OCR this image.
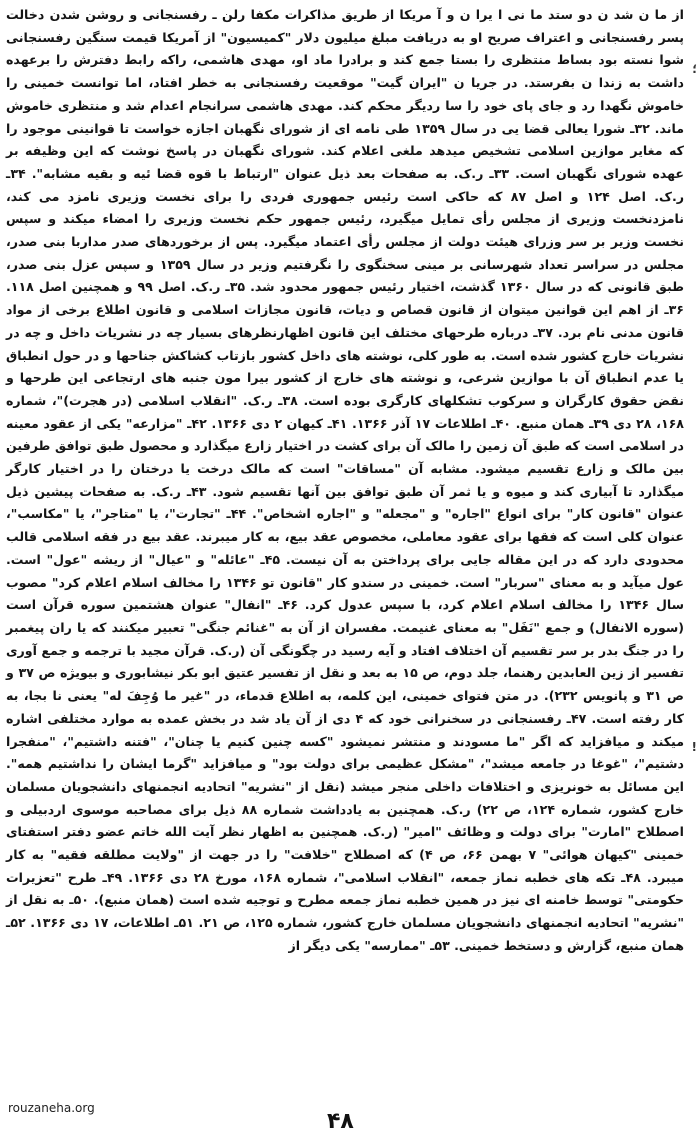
از ما ن شد ن دو ستد ما نی ا یرا ن و آ مریکا از طریق مذاکرات مکفا رلن ـ رفسنجانی و روشن شدن دخالت پسر رفسنجانی و اعتراف صریح او به دریافت مبلغ میلیون دلار "کمیسیون" از آمریکا قیمت سنگین رفسنجانی شوا نسته بود بساط منتظری را بستا جمع کند و برادرا ماد او، مهدی هاشمی، راکه رابط دفترش را برعهده داشت به زندا ن بفرستد. در جریا ن "ایران گیت" موقعیت رفسنجانی به خطر افتاد، اما توانست خمینی را خاموش نگهدا رد و جای پای خود را سا ردیگر محکم کند. مهدی هاشمی سرانجام اعدام شد و منتظری خاموش ماند. ۳۲ـ شورا یعالی قضا یی در سال ۱۳۵۹ طی نامه ای از شورای نگهبان اجازه خواست تا قوانینی موجود را که مغایر موازین اسلامی تشخیص میدهد ملغی اعلام کند. شورای نگهبان در پاسخ نوشت که این وظیفه بر عهده شورای نگهبان است. ۳۳ـ ر.ک. به صفحات بعد ذیل عنوان "ارتباط با قوه قضا ئیه و بقیه مشابه". ۳۴ـ ر.ک. اصل ۱۲۴ و اصل ۸۷ که حاکی است رئیس جمهوری فردی را برای نخست وزیری نامزد می کند، نامزدنخست وزیری از مجلس رأی تمایل میگیرد، رئیس جمهور حکم نخست وزیری را امضاء میکند و سپس نخست وزیر بر سر وزرای هیئت دولت از مجلس رأی اعتماد میگیرد. پس از برخوردهای صدر مداربا بنی صدر، مجلس در سراسر تعداد شهرسانی بر مینی سخنگوی را نگرفتیم وزیر در سال ۱۳۵۹ و سپس عزل بنی صدر، طبق قانونی که در سال ۱۳۶۰ گذشت، اختیار رئیس جمهور محدود شد. ۳۵ـ ر.ک. اصل ۹۹ و همچنین اصل ۱۱۸. ۳۶ـ از اهم این قوانین میتوان از قانون قصاص و دیات، قانون مجازات اسلامی و قانون اطلاع برخی از مواد قانون مدنی نام برد. ۳۷ـ درباره طرحهای مختلف این قانون اظهارنظرهای بسیار چه در نشریات داخل و چه در نشریات خارج کشور شده است. به طور کلی، نوشته های داخل کشور بازتاب کشاکش جناحها و در حول انطباق یا عدم انطباق آن با موازین شرعی، و نوشته های خارج از کشور بیرا مون جنبه های ارتجاعی این طرحها و نقض حقوق کارگران و سرکوب تشکلهای کارگری بوده است. ۳۸ـ ر.ک. "انقلاب اسلامی (در هجرت)"، شماره ۱۶۸، ۲۸ دی ۳۹ـ همان منبع. ۴۰ـ اطلاعات ۱۷ آذر ۱۳۶۶. ۴۱ـ کیهان ۲ دی ۱۳۶۶. ۴۲ـ "مزارعه" یکی از عقود معینه در اسلامی است که طبق آن زمین را مالک آن برای کشت در اختیار زارع میگذارد و محصول طبق توافق طرفین بین مالک و زارع تقسیم میشود. مشابه آن "مساقات" است که مالک درخت یا درختان را در اختیار کارگر میگذارد تا آبیاری کند و میوه و یا ثمر آن طبق توافق بین آنها تقسیم شود. ۴۳ـ ر.ک. به صفحات پیشین ذیل عنوان "قانون کار" برای انواع "اجاره" و "مجعله" و "اجاره اشخاص". ۴۴ـ "تجارت"، یا "متاجر"، یا "مکاسب"، عنوان کلی است که فقها برای عقود معاملی، مخصوص عقد بیع، به کار میبرند. عقد بیع در فقه اسلامی قالب محدودی دارد که در این مقاله جایی برای پرداختن به آن نیست. ۴۵ـ "عائله" و "عیال" از ریشه "عول" است. عول میآید و به معنای "سربار" است. خمینی در سندو کار "قانون تو ۱۳۴۶ را مخالف اسلام اعلام کرد" مصوب سال ۱۳۴۶ را مخالف اسلام اعلام کرد، با سپس عدول کرد. ۴۶ـ "انفال" عنوان هشتمین سوره قرآن است (سوره الانفال) و جمع "نَفَل" به معنای غنیمت. مفسران از آن به "غنائم جنگی" تعبیر میکنند که یا ران پیغمبر را در جنگ بدر بر سر تقسیم آن اختلاف افتاد و آیه رسید در چگونگی آن (ر.ک. قرآن مجید با ترجمه و جمع آوری تفسیر از زین العابدین رهنما، جلد دوم، ص ۱۵ به بعد و نقل از تفسیر عتیق ابو بکر نیشابوری و بیویژه ص ۳۷ و ص ۳۱ و پانویس ۲۳۲). در متن فتوای خمینی، این کلمه، به اطلاع قدماء، در "غیر ما وُجِفَ له" یعنی نا بجا، به کار رفته است. ۴۷ـ رفسنجانی در سخنرانی خود که ۴ دی از آن یاد شد در بخش عمده به موارد مختلفی اشاره میکند و میافزاید که اگر "ما مسودند و منتشر نمیشود "کسه چنین کنیم یا چنان"، "فتنه داشتیم"، "منفجرا دشتیم"، "غوغا در جامعه میشد"، "مشکل عظیمی برای دولت بود" و میافزاید "گرما ایشان را نداشتیم همه". این مسائل به خونریزی و اختلافات داخلی منجر میشد (نقل از "نشریه" اتحادیه انجمنهای دانشجویان مسلمان خارج کشور، شماره ۱۲۴، ص ۲۲) ر.ک. همچنین به یادداشت شماره ۸۸ ذیل برای مصاحبه موسوی اردبیلی و اصطلاح "امارت" برای دولت و وظائف "امیر" (ر.ک. همچنین به اظهار نظر آیت الله خاتم عضو دفتر استفتای خمینی "کیهان هوائی" ۷ بهمن ۶۶، ص ۴) که اصطلاح "خلافت" را در جهت از "ولایت مطلقه فقیه" به کار میبرد. ۴۸ـ تکه های خطبه نماز جمعه، "انقلاب اسلامی"، شماره ۱۶۸، مورخ ۲۸ دی ۱۳۶۶. ۴۹ـ طرح "تعزیرات حکومتی" توسط خامنه ای نیز در همین خطبه نماز جمعه مطرح و توجیه شده است (همان منبع). ۵۰ـ به نقل از "نشریه" اتحادیه انجمنهای دانشجویان مسلمان خارج کشور، شماره ۱۲۵، ص ۲۱. ۵۱ـ اطلاعات، ۱۷ دی ۱۳۶۶. ۵۲ـ همان منبع، گزارش و دستخط خمینی. ۵۳ـ "ممارسه" یکی دیگر از

؛
!
rouzaneha.org
۴۸
